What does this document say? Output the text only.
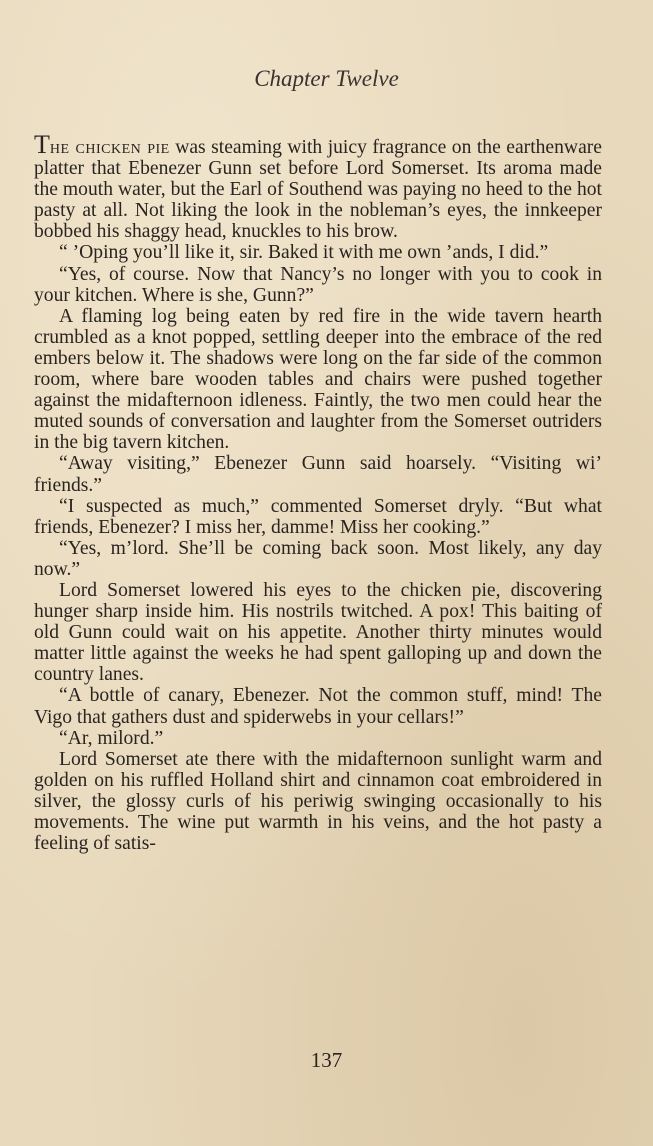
Chapter Twelve

The chicken pie was steaming with juicy fragrance on the earthenware platter that Ebenezer Gunn set before Lord Somerset. Its aroma made the mouth water, but the Earl of Southend was paying no heed to the hot pasty at all. Not liking the look in the nobleman’s eyes, the innkeeper bobbed his shaggy head, knuckles to his brow.

“ ’Oping you’ll like it, sir. Baked it with me own ’ands, I did.”

“Yes, of course. Now that Nancy’s no longer with you to cook in your kitchen. Where is she, Gunn?”

A flaming log being eaten by red fire in the wide tavern hearth crumbled as a knot popped, settling deeper into the embrace of the red embers below it. The shadows were long on the far side of the common room, where bare wooden tables and chairs were pushed together against the midafternoon idleness. Faintly, the two men could hear the muted sounds of conversation and laughter from the Somerset outriders in the big tavern kitchen.

“Away visiting,” Ebenezer Gunn said hoarsely. “Visiting wi’ friends.”

“I suspected as much,” commented Somerset dryly. “But what friends, Ebenezer? I miss her, damme! Miss her cooking.”

“Yes, m’lord. She’ll be coming back soon. Most likely, any day now.”

Lord Somerset lowered his eyes to the chicken pie, discovering hunger sharp inside him. His nostrils twitched. A pox! This baiting of old Gunn could wait on his appetite. Another thirty minutes would matter little against the weeks he had spent galloping up and down the country lanes.

“A bottle of canary, Ebenezer. Not the common stuff, mind! The Vigo that gathers dust and spiderwebs in your cellars!”

“Ar, milord.”

Lord Somerset ate there with the midafternoon sunlight warm and golden on his ruffled Holland shirt and cinnamon coat embroidered in silver, the glossy curls of his periwig swinging occasionally to his movements. The wine put warmth in his veins, and the hot pasty a feeling of satis-

137
